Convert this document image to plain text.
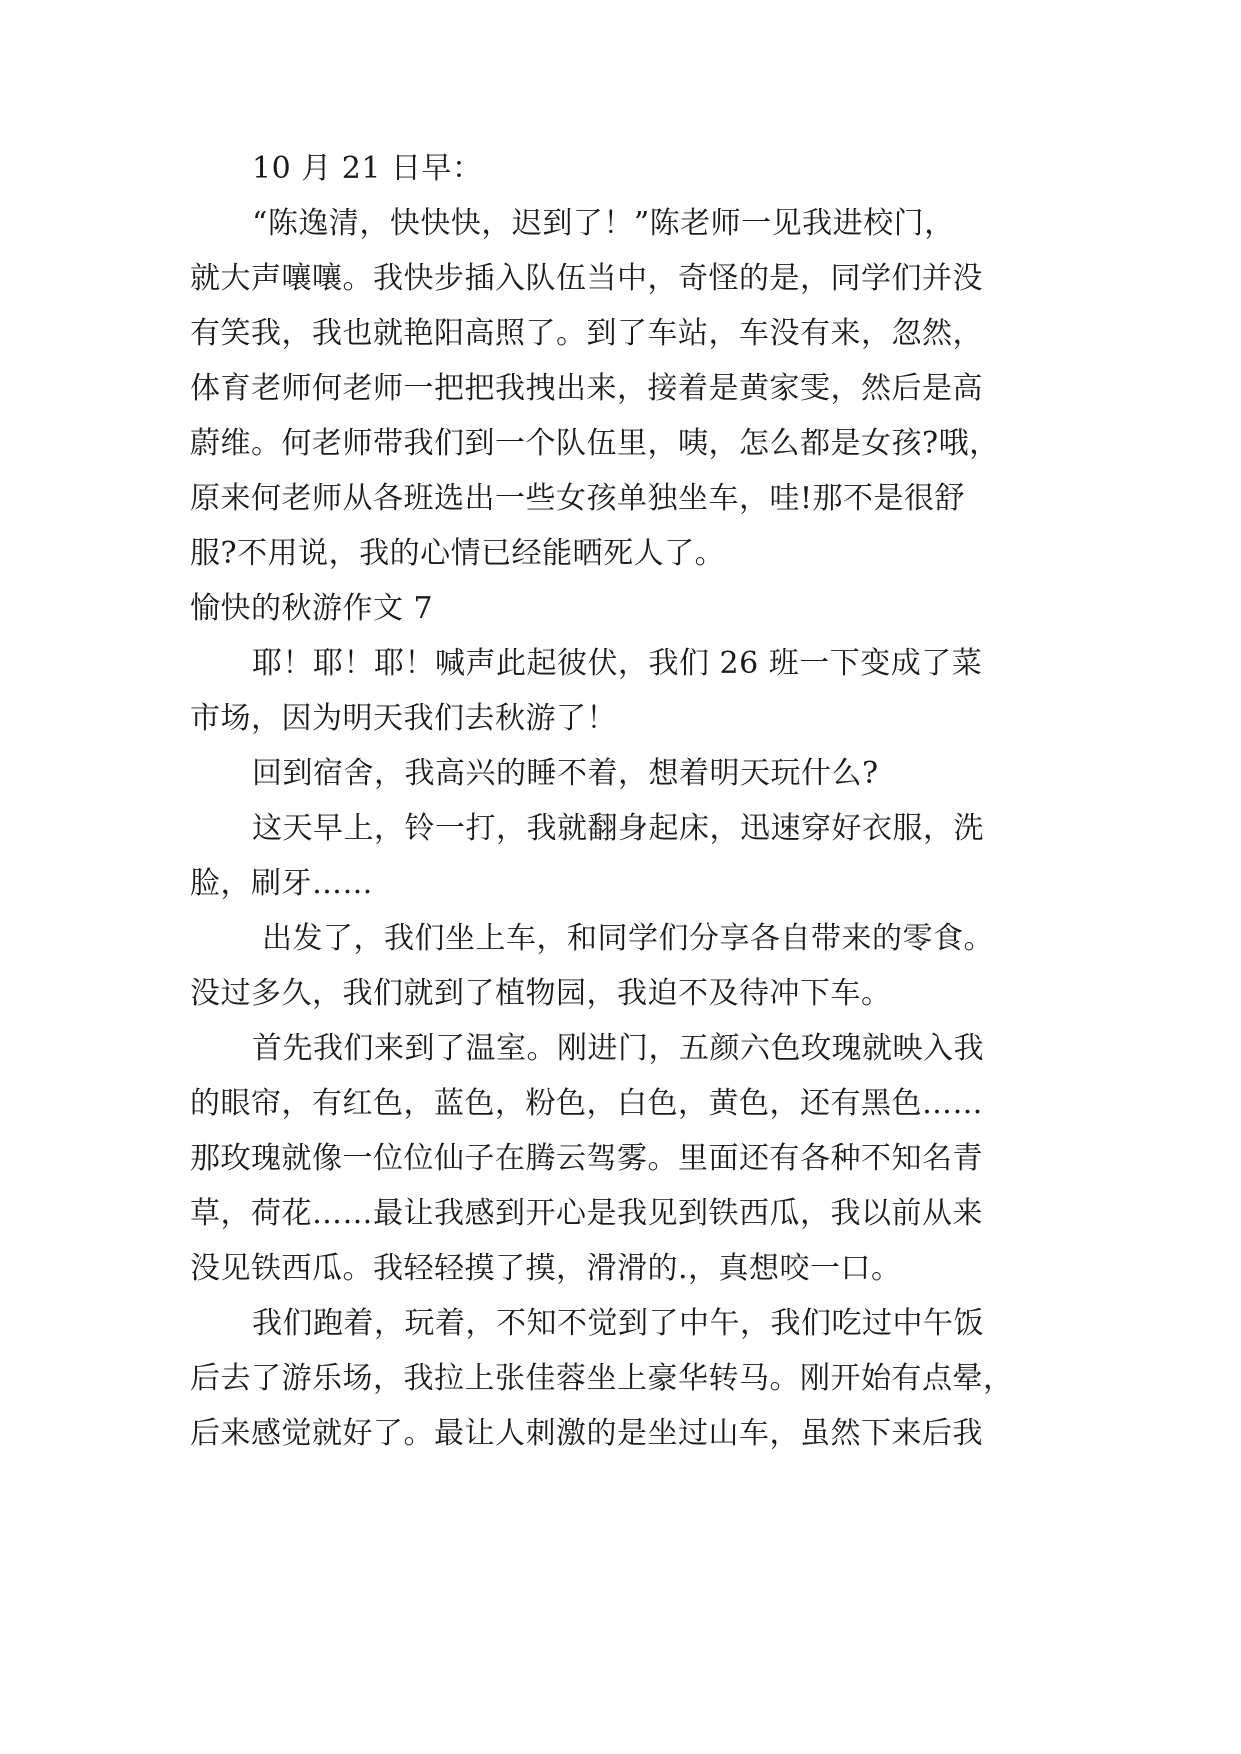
10 月 21 日早：
“陈逸清，快快快，迟到了！”陈老师一见我进校门，
就大声嚷嚷。我快步插入队伍当中，奇怪的是，同学们并没
有笑我，我也就艳阳高照了。到了车站，车没有来，忽然，
体育老师何老师一把把我拽出来，接着是黄家雯，然后是高
蔚维。何老师带我们到一个队伍里，咦，怎么都是女孩?哦，
原来何老师从各班选出一些女孩单独坐车，哇!那不是很舒
服?不用说，我的心情已经能晒死人了。
愉快的秋游作文 7
耶！耶！耶！喊声此起彼伏，我们 26 班一下变成了菜
市场，因为明天我们去秋游了！
回到宿舍，我高兴的睡不着，想着明天玩什么?
这天早上，铃一打，我就翻身起床，迅速穿好衣服，洗
脸，刷牙……
出发了，我们坐上车，和同学们分享各自带来的零食。
没过多久，我们就到了植物园，我迫不及待冲下车。
首先我们来到了温室。刚进门，五颜六色玫瑰就映入我
的眼帘，有红色，蓝色，粉色，白色，黄色，还有黑色……
那玫瑰就像一位位仙子在腾云驾雾。里面还有各种不知名青
草，荷花……最让我感到开心是我见到铁西瓜，我以前从来
没见铁西瓜。我轻轻摸了摸，滑滑的.，真想咬一口。
我们跑着，玩着，不知不觉到了中午，我们吃过中午饭
后去了游乐场，我拉上张佳蓉坐上豪华转马。刚开始有点晕，
后来感觉就好了。最让人刺激的是坐过山车，虽然下来后我
